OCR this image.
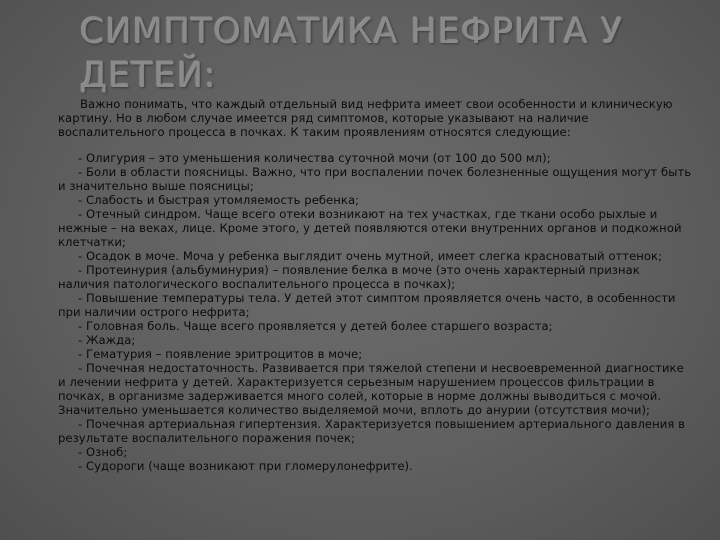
СИМПТОМАТИКА НЕФРИТА У ДЕТЕЙ:

Важно понимать, что каждый отдельный вид нефрита имеет свои особенности и клиническую картину. Но в любом случае имеется ряд симптомов, которые указывают на наличие воспалительного процесса в почках. К таким проявлениям относятся следующие:

- Олигурия – это уменьшения количества суточной мочи (от 100 до 500 мл);
- Боли в области поясницы. Важно, что при воспалении почек болезненные ощущения могут быть и значительно выше поясницы;
- Слабость и быстрая утомляемость ребенка;
- Отечный синдром. Чаще всего отеки возникают на тех участках, где ткани особо рыхлые и нежные – на веках, лице. Кроме этого, у детей появляются отеки внутренних органов и подкожной клетчатки;
- Осадок в моче. Моча у ребенка выглядит очень мутной, имеет слегка красноватый оттенок;
- Протеинурия (альбуминурия) – появление белка в моче (это очень характерный признак наличия патологического воспалительного процесса в почках);
- Повышение температуры тела. У детей этот симптом проявляется очень часто, в особенности при наличии острого нефрита;
- Головная боль. Чаще всего проявляется у детей более старшего возраста;
- Жажда;
- Гематурия – появление эритроцитов в моче;
- Почечная недостаточность. Развивается при тяжелой степени и несвоевременной диагностике и лечении нефрита у детей. Характеризуется серьезным нарушением процессов фильтрации в почках, в организме задерживается много солей, которые в норме должны выводиться с мочой. Значительно уменьшается количество выделяемой мочи, вплоть до анурии (отсутствия мочи);
- Почечная артериальная гипертензия. Характеризуется повышением артериального давления в результате воспалительного поражения почек;
- Озноб;
- Судороги (чаще возникают при гломерулонефрите).
